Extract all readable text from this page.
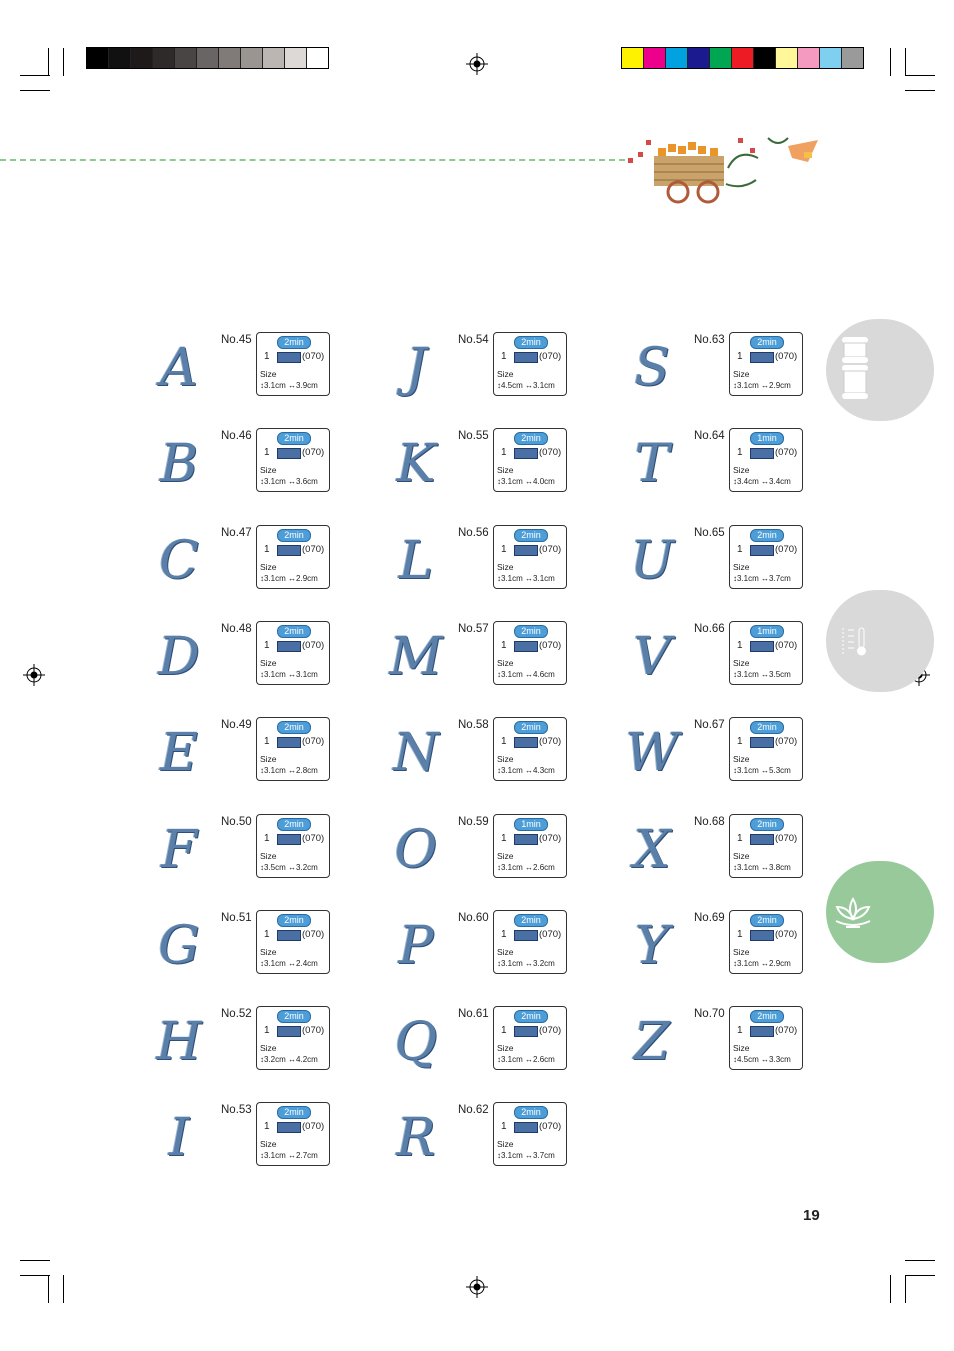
A	No.45	2min
1	(070)
Size
↕3.1cm ↔3.9cm
B	No.46	2min
1	(070)
Size
↕3.1cm ↔3.6cm
C	No.47	2min
1	(070)
Size
↕3.1cm ↔2.9cm
D	No.48	2min
1	(070)
Size
↕3.1cm ↔3.1cm
E	No.49	2min
1	(070)
Size
↕3.1cm ↔2.8cm
F	No.50	2min
1	(070)
Size
↕3.5cm ↔3.2cm
G	No.51	2min
1	(070)
Size
↕3.1cm ↔2.4cm
H	No.52	2min
1	(070)
Size
↕3.2cm ↔4.2cm
I	No.53	2min
1	(070)
Size
↕3.1cm ↔2.7cm
J	No.54	2min
1	(070)
Size
↕4.5cm ↔3.1cm
K	No.55	2min
1	(070)
Size
↕3.1cm ↔4.0cm
L	No.56	2min
1	(070)
Size
↕3.1cm ↔3.1cm
M	No.57	2min
1	(070)
Size
↕3.1cm ↔4.6cm
N	No.58	2min
1	(070)
Size
↕3.1cm ↔4.3cm
O	No.59	1min
1	(070)
Size
↕3.1cm ↔2.6cm
P	No.60	2min
1	(070)
Size
↕3.1cm ↔3.2cm
Q	No.61	2min
1	(070)
Size
↕3.1cm ↔2.6cm
R	No.62	2min
1	(070)
Size
↕3.1cm ↔3.7cm
S	No.63	2min
1	(070)
Size
↕3.1cm ↔2.9cm
T	No.64	1min
1	(070)
Size
↕3.4cm ↔3.4cm
U	No.65	2min
1	(070)
Size
↕3.1cm ↔3.7cm
V	No.66	1min
1	(070)
Size
↕3.1cm ↔3.5cm
W	No.67	2min
1	(070)
Size
↕3.1cm ↔5.3cm
X	No.68	2min
1	(070)
Size
↕3.1cm ↔3.8cm
Y	No.69	2min
1	(070)
Size
↕3.1cm ↔2.9cm
Z	No.70	2min
1	(070)
Size
↕4.5cm ↔3.3cm
19
